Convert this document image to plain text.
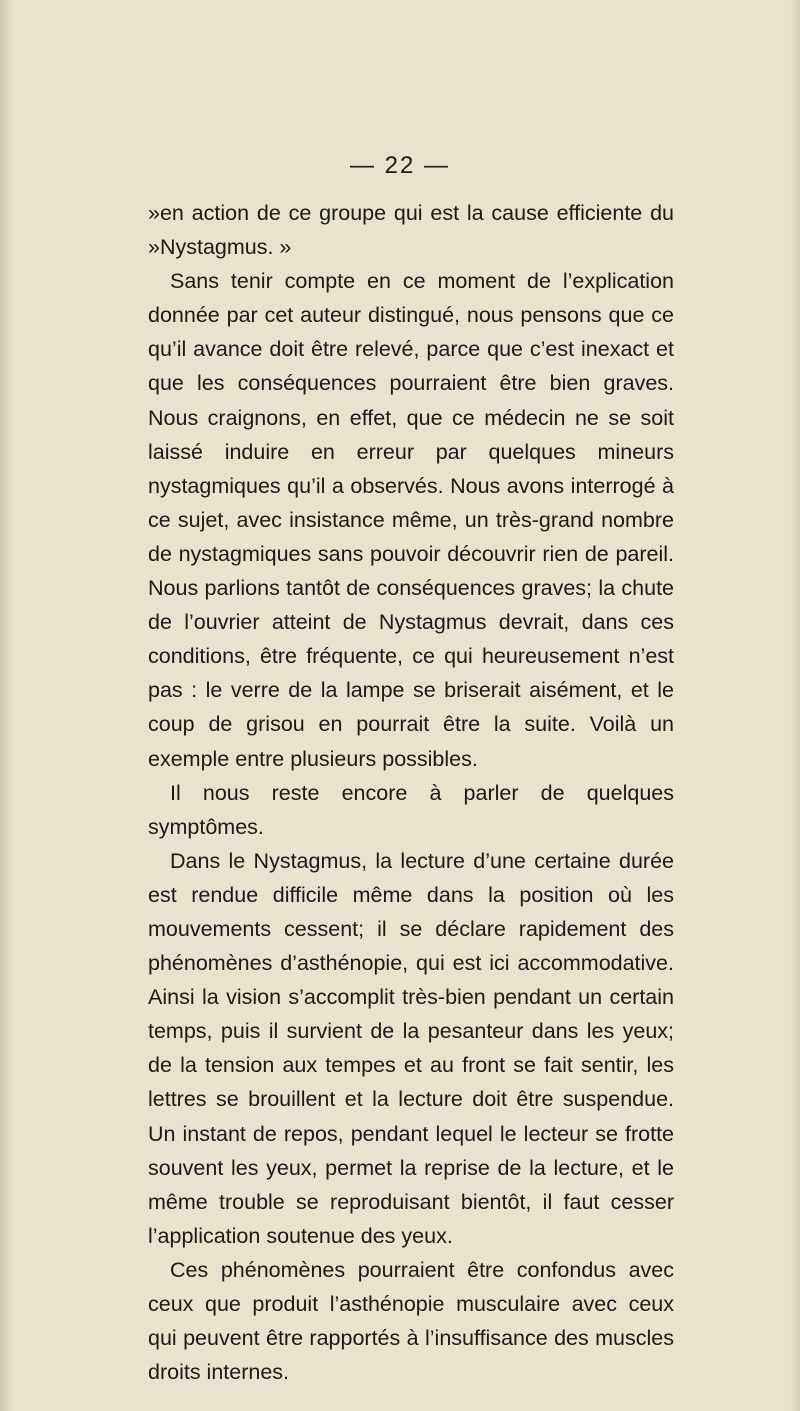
— 22 —

»en action de ce groupe qui est la cause efficiente du »Nystagmus. »

Sans tenir compte en ce moment de l’explication donnée par cet auteur distingué, nous pensons que ce qu’il avance doit être relevé, parce que c’est inexact et que les conséquences pourraient être bien graves. Nous craignons, en effet, que ce médecin ne se soit laissé induire en erreur par quelques mineurs nystagmiques qu’il a observés. Nous avons interrogé à ce sujet, avec insistance même, un très-grand nombre de nystagmiques sans pouvoir découvrir rien de pareil. Nous parlions tantôt de conséquences graves; la chute de l’ouvrier atteint de Nystagmus devrait, dans ces conditions, être fréquente, ce qui heureusement n’est pas : le verre de la lampe se briserait aisément, et le coup de grisou en pourrait être la suite. Voilà un exemple entre plusieurs possibles.

Il nous reste encore à parler de quelques symptômes.

Dans le Nystagmus, la lecture d’une certaine durée est rendue difficile même dans la position où les mouvements cessent; il se déclare rapidement des phénomènes d’asthénopie, qui est ici accommodative. Ainsi la vision s’accomplit très-bien pendant un certain temps, puis il survient de la pesanteur dans les yeux; de la tension aux tempes et au front se fait sentir, les lettres se brouillent et la lecture doit être suspendue. Un instant de repos, pendant lequel le lecteur se frotte souvent les yeux, permet la reprise de la lecture, et le même trouble se reproduisant bientôt, il faut cesser l’application soutenue des yeux.

Ces phénomènes pourraient être confondus avec ceux que produit l’asthénopie musculaire avec ceux qui peuvent être rapportés à l’insuffisance des muscles droits internes.
